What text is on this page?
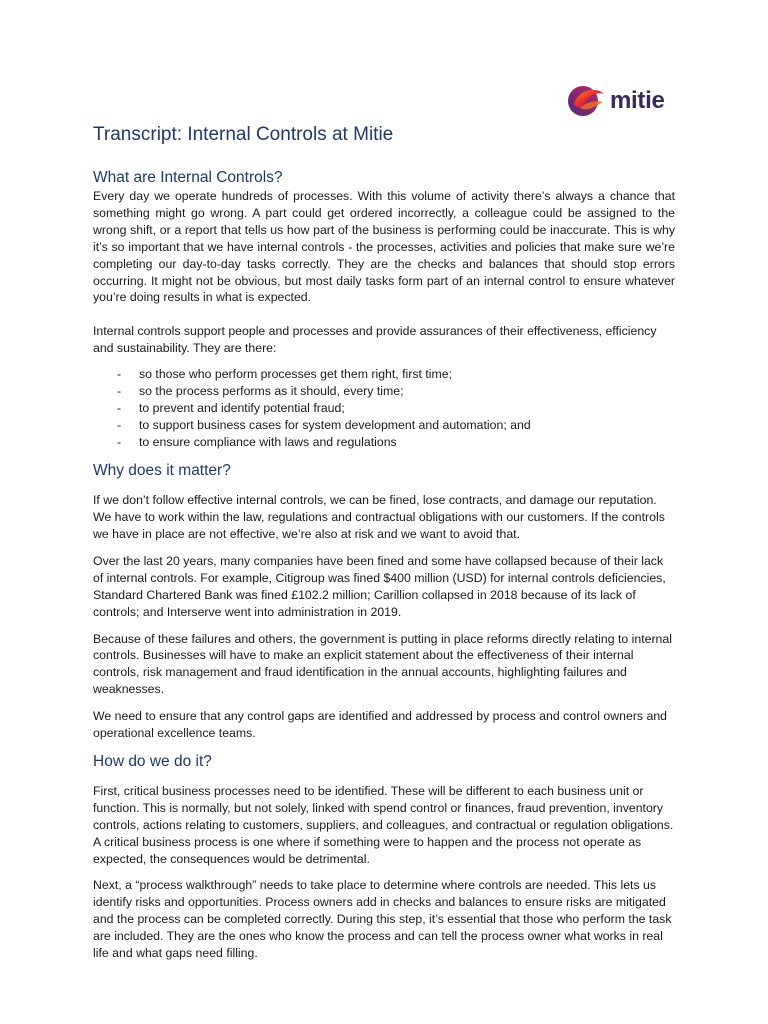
mitie
Transcript: Internal Controls at Mitie
What are Internal Controls?

Every day we operate hundreds of processes. With this volume of activity there’s always a chance that something might go wrong. A part could get ordered incorrectly, a colleague could be assigned to the wrong shift, or a report that tells us how part of the business is performing could be inaccurate. This is why it’s so important that we have internal controls - the processes, activities and policies that make sure we’re completing our day-to-day tasks correctly. They are the checks and balances that should stop errors occurring. It might not be obvious, but most daily tasks form part of an internal control to ensure whatever you’re doing results in what is expected.

Internal controls support people and processes and provide assurances of their effectiveness, efficiency and sustainability. They are there:

- so those who perform processes get them right, first time;
- so the process performs as it should, every time;
- to prevent and identify potential fraud;
- to support business cases for system development and automation; and
- to ensure compliance with laws and regulations
Why does it matter?

If we don’t follow effective internal controls, we can be fined, lose contracts, and damage our reputation. We have to work within the law, regulations and contractual obligations with our customers. If the controls we have in place are not effective, we’re also at risk and we want to avoid that.

Over the last 20 years, many companies have been fined and some have collapsed because of their lack of internal controls. For example, Citigroup was fined $400 million (USD) for internal controls deficiencies, Standard Chartered Bank was fined £102.2 million; Carillion collapsed in 2018 because of its lack of controls; and Interserve went into administration in 2019.

Because of these failures and others, the government is putting in place reforms directly relating to internal controls. Businesses will have to make an explicit statement about the effectiveness of their internal controls, risk management and fraud identification in the annual accounts, highlighting failures and weaknesses.

We need to ensure that any control gaps are identified and addressed by process and control owners and operational excellence teams.

How do we do it?

First, critical business processes need to be identified. These will be different to each business unit or function. This is normally, but not solely, linked with spend control or finances, fraud prevention, inventory controls, actions relating to customers, suppliers, and colleagues, and contractual or regulation obligations. A critical business process is one where if something were to happen and the process not operate as expected, the consequences would be detrimental.

Next, a “process walkthrough” needs to take place to determine where controls are needed. This lets us identify risks and opportunities. Process owners add in checks and balances to ensure risks are mitigated and the process can be completed correctly. During this step, it’s essential that those who perform the task are included. They are the ones who know the process and can tell the process owner what works in real life and what gaps need filling.
